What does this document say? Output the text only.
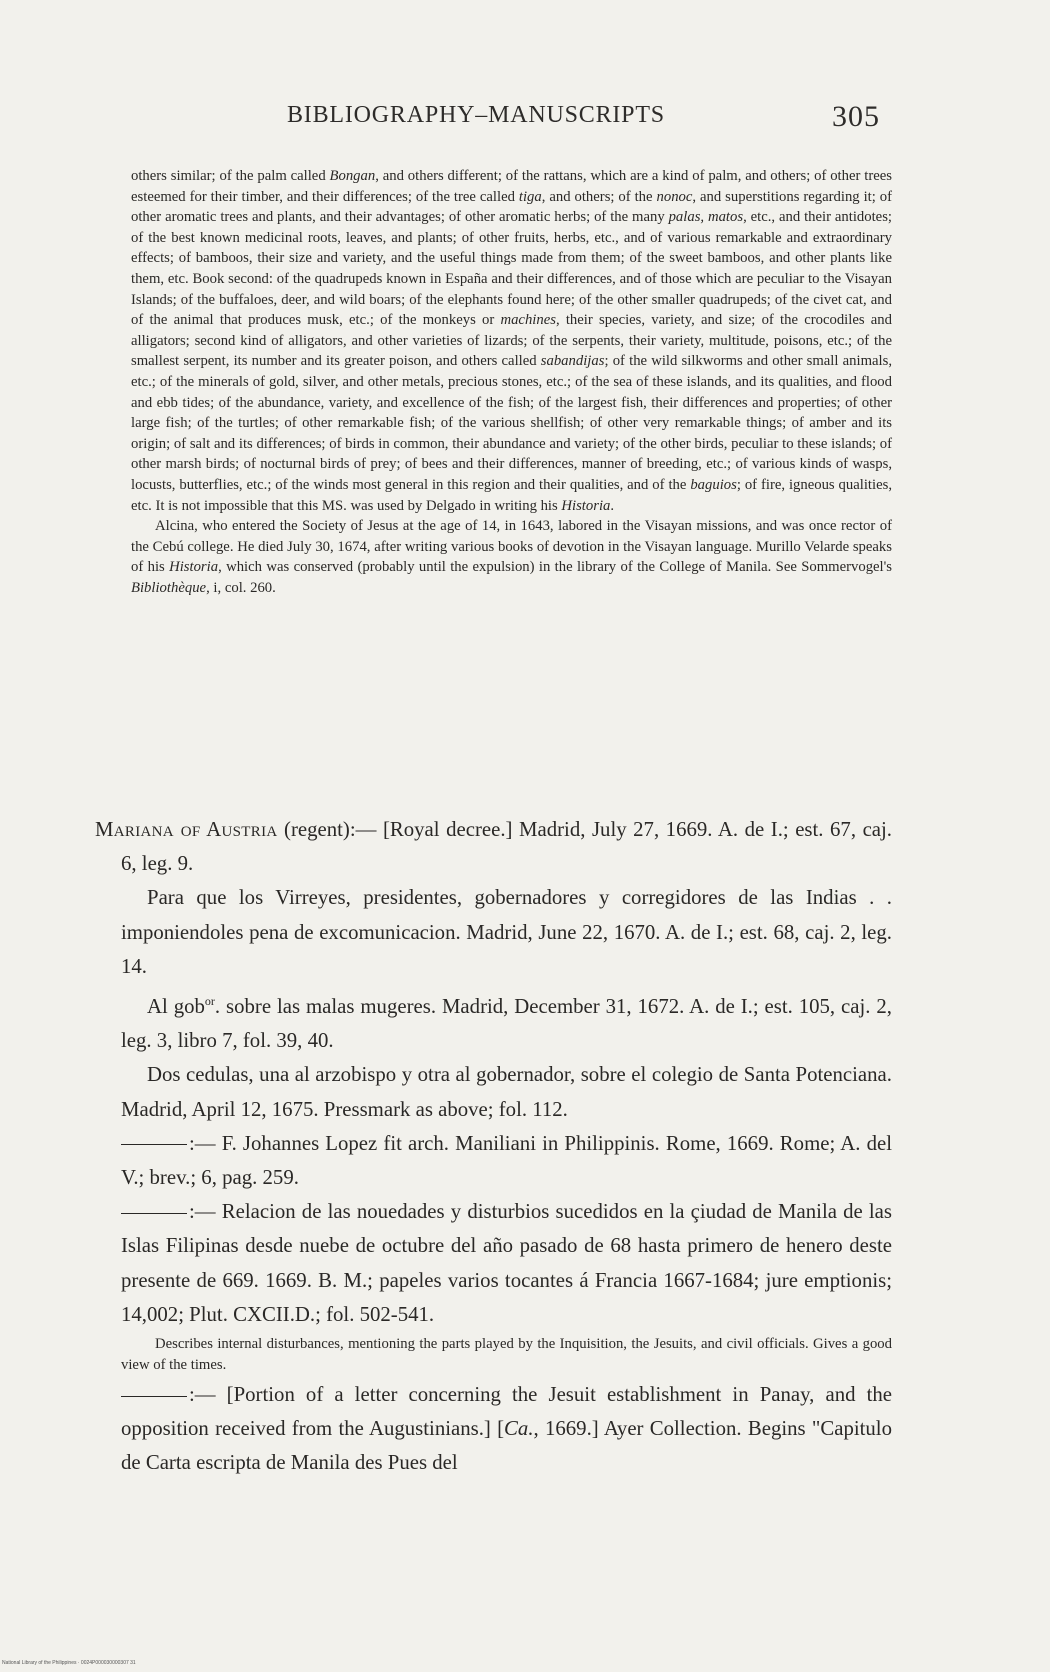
BIBLIOGRAPHY–MANUSCRIPTS	305

others similar; of the palm called Bongan, and others different; of the rattans, which are a kind of palm, and others; of other trees esteemed for their timber, and their differences; of the tree called tiga, and others; of the nonoc, and superstitions regarding it; of other aromatic trees and plants, and their advantages; of other aromatic herbs; of the many palas, matos, etc., and their antidotes; of the best known medicinal roots, leaves, and plants; of other fruits, herbs, etc., and of various remarkable and extraordinary effects; of bamboos, their size and variety, and the useful things made from them; of the sweet bamboos, and other plants like them, etc. Book second: of the quadrupeds known in España and their differences, and of those which are peculiar to the Visayan Islands; of the buffaloes, deer, and wild boars; of the elephants found here; of the other smaller quadrupeds; of the civet cat, and of the animal that produces musk, etc.; of the monkeys or machines, their species, variety, and size; of the crocodiles and alligators; second kind of alligators, and other varieties of lizards; of the serpents, their variety, multitude, poisons, etc.; of the smallest serpent, its number and its greater poison, and others called sabandijas; of the wild silkworms and other small animals, etc.; of the minerals of gold, silver, and other metals, precious stones, etc.; of the sea of these islands, and its qualities, and flood and ebb tides; of the abundance, variety, and excellence of the fish; of the largest fish, their differences and properties; of other large fish; of the turtles; of other remarkable fish; of the various shellfish; of other very remarkable things; of amber and its origin; of salt and its differences; of birds in common, their abundance and variety; of the other birds, peculiar to these islands; of other marsh birds; of nocturnal birds of prey; of bees and their differences, manner of breeding, etc.; of various kinds of wasps, locusts, butterflies, etc.; of the winds most general in this region and their qualities, and of the baguios; of fire, igneous qualities, etc. It is not impossible that this MS. was used by Delgado in writing his Historia.

Alcina, who entered the Society of Jesus at the age of 14, in 1643, labored in the Visayan missions, and was once rector of the Cebú college. He died July 30, 1674, after writing various books of devotion in the Visayan language. Murillo Velarde speaks of his Historia, which was conserved (probably until the expulsion) in the library of the College of Manila. See Sommervogel's Bibliothèque, i, col. 260.

Mariana of Austria (regent):— [Royal decree.] Madrid, July 27, 1669. A. de I.; est. 67, caj. 6, leg. 9.

Para que los Virreyes, presidentes, gobernadores y corregidores de las Indias . . imponiendoles pena de excomunicacion. Madrid, June 22, 1670. A. de I.; est. 68, caj. 2, leg. 14.

Al gob$^{or}$. sobre las malas mugeres. Madrid, December 31, 1672. A. de I.; est. 105, caj. 2, leg. 3, libro 7, fol. 39, 40.

Dos cedulas, una al arzobispo y otra al gobernador, sobre el colegio de Santa Potenciana. Madrid, April 12, 1675. Pressmark as above; fol. 112.

:— F. Johannes Lopez fit arch. Maniliani in Philippinis. Rome, 1669. Rome; A. del V.; brev.; 6, pag. 259.

:— Relacion de las nouedades y disturbios sucedidos en la çiudad de Manila de las Islas Filipinas desde nuebe de octubre del año pasado de 68 hasta primero de henero deste presente de 669. 1669. B. M.; papeles varios tocantes á Francia 1667-1684; jure emptionis; 14,002; Plut. CXCII.D.; fol. 502-541.

Describes internal disturbances, mentioning the parts played by the Inquisition, the Jesuits, and civil officials. Gives a good view of the times.

:— [Portion of a letter concerning the Jesuit establishment in Panay, and the opposition received from the Augustinians.] [Ca., 1669.] Ayer Collection. Begins "Capitulo de Carta escripta de Manila des Pues del

National Library of the Philippines · 0024P000030000307 31
